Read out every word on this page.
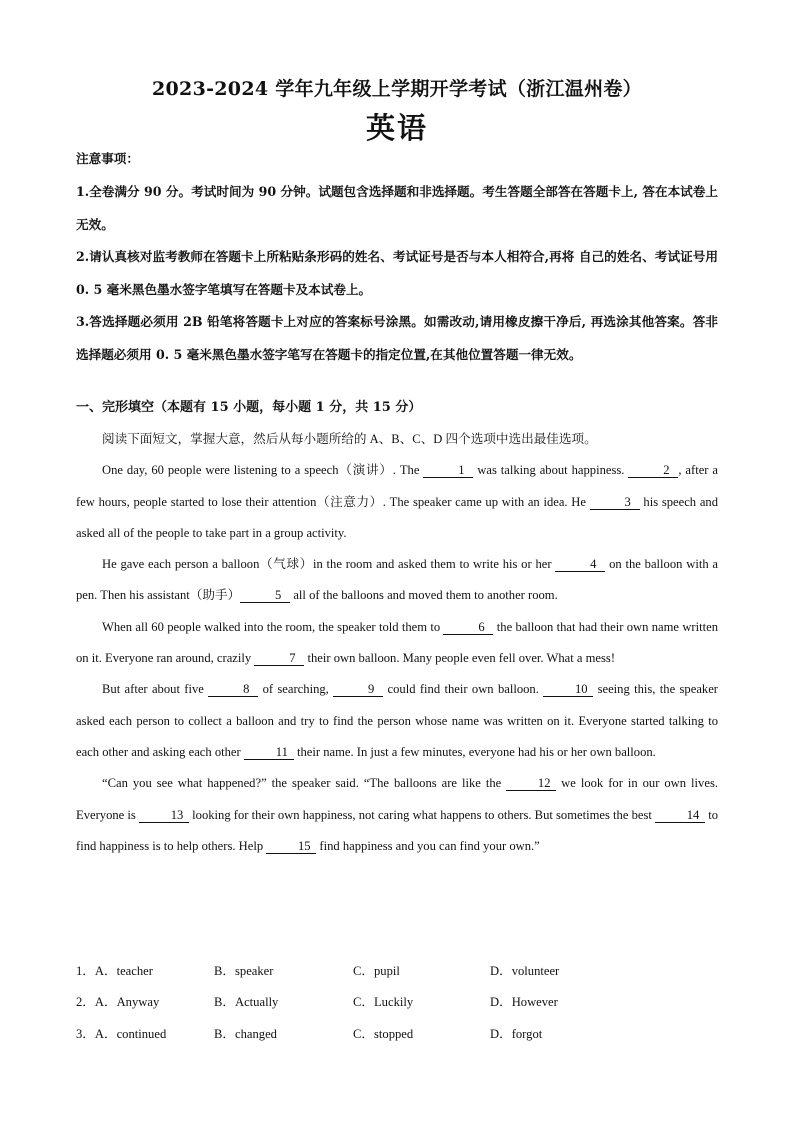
2023-2024 学年九年级上学期开学考试（浙江温州卷）
英语
注意事项：
1.全卷满分 90 分。考试时间为 90 分钟。试题包含选择题和非选择题。考生答题全部答在答题卡上, 答在本试卷上无效。
2.请认真核对监考教师在答题卡上所粘贴条形码的姓名、考试证号是否与本人相符合,再将 自己的姓名、考试证号用 0. 5 毫米黑色墨水签字笔填写在答题卡及本试卷上。
3.答选择题必须用 2B 铅笔将答题卡上对应的答案标号涂黑。如需改动,请用橡皮擦干净后, 再选涂其他答案。答非选择题必须用 0. 5 毫米黑色墨水签字笔写在答题卡的指定位置,在其他位置答题一律无效。
一、完形填空（本题有 15 小题，每小题 1 分，共 15 分）

阅读下面短文，掌握大意，然后从每小题所给的 A、B、C、D 四个选项中选出最佳选项。

One day, 60 people were listening to a speech（演讲）. The	1 was talking about happiness.	2 , after a few hours, people started to lose their attention（注意力）. The speaker came up with an idea. He	3 his speech and asked all of the people to take part in a group activity.

He gave each person a balloon（气球）in the room and asked them to write his or her	4 on the balloon with a pen. Then his assistant（助手）	5 all of the balloons and moved them to another room.

When all 60 people walked into the room, the speaker told them to	6 the balloon that had their own name written on it. Everyone ran around, crazily	7 their own balloon. Many people even fell over. What a mess!

But after about five	8 of searching,	9 could find their own balloon.	10 seeing this, the speaker asked each person to collect a balloon and try to find the person whose name was written on it. Everyone started talking to each other and asking each other	11 their name. In just a few minutes, everyone had his or her own balloon.

“Can you see what happened?” the speaker said. “The balloons are like the	12 we look for in our own lives. Everyone is	13 looking for their own happiness, not caring what happens to others. But sometimes the best	14 to find happiness is to help others. Help	15 find happiness and you can find your own.”

1．A．teacher	B．speaker	C．pupil	D．volunteer
2．A．Anyway	B．Actually	C．Luckily	D．However
3．A．continued	B．changed	C．stopped	D．forgot
